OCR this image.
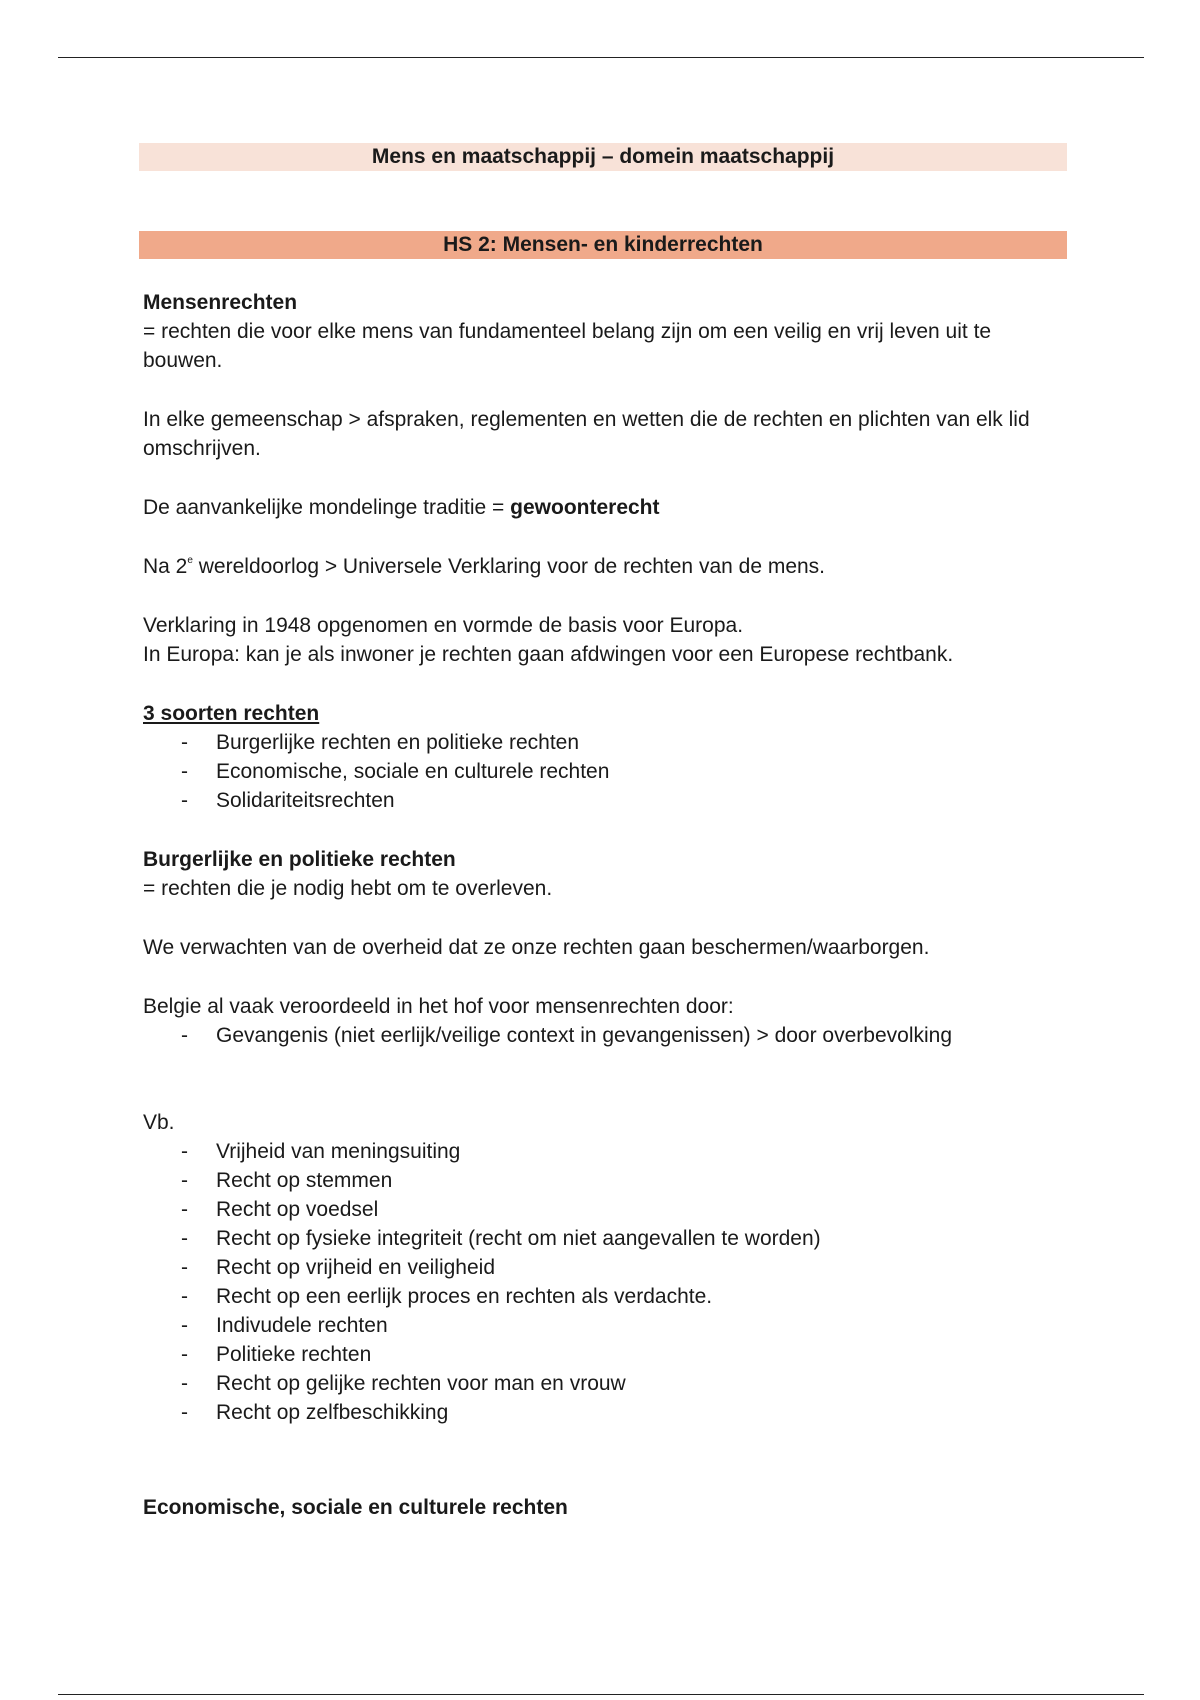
Mens en maatschappij – domein maatschappij
HS 2: Mensen- en kinderrechten

Mensenrechten

= rechten die voor elke mens van fundamenteel belang zijn om een veilig en vrij leven uit te bouwen.

In elke gemeenschap > afspraken, reglementen en wetten die de rechten en plichten van elk lid omschrijven.

De aanvankelijke mondelinge traditie = gewoonterecht

Na 2e wereldoorlog > Universele Verklaring voor de rechten van de mens.

Verklaring in 1948 opgenomen en vormde de basis voor Europa.

In Europa: kan je als inwoner je rechten gaan afdwingen voor een Europese rechtbank.

3 soorten rechten

- Burgerlijke rechten en politieke rechten
- Economische, sociale en culturele rechten
- Solidariteitsrechten

Burgerlijke en politieke rechten

= rechten die je nodig hebt om te overleven.

We verwachten van de overheid dat ze onze rechten gaan beschermen/waarborgen.

Belgie al vaak veroordeeld in het hof voor mensenrechten door:

- Gevangenis (niet eerlijk/veilige context in gevangenissen) > door overbevolking

Vb.

- Vrijheid van meningsuiting
- Recht op stemmen
- Recht op voedsel
- Recht op fysieke integriteit (recht om niet aangevallen te worden)
- Recht op vrijheid en veiligheid
- Recht op een eerlijk proces en rechten als verdachte.
- Indivudele rechten
- Politieke rechten
- Recht op gelijke rechten voor man en vrouw
- Recht op zelfbeschikking

Economische, sociale en culturele rechten
